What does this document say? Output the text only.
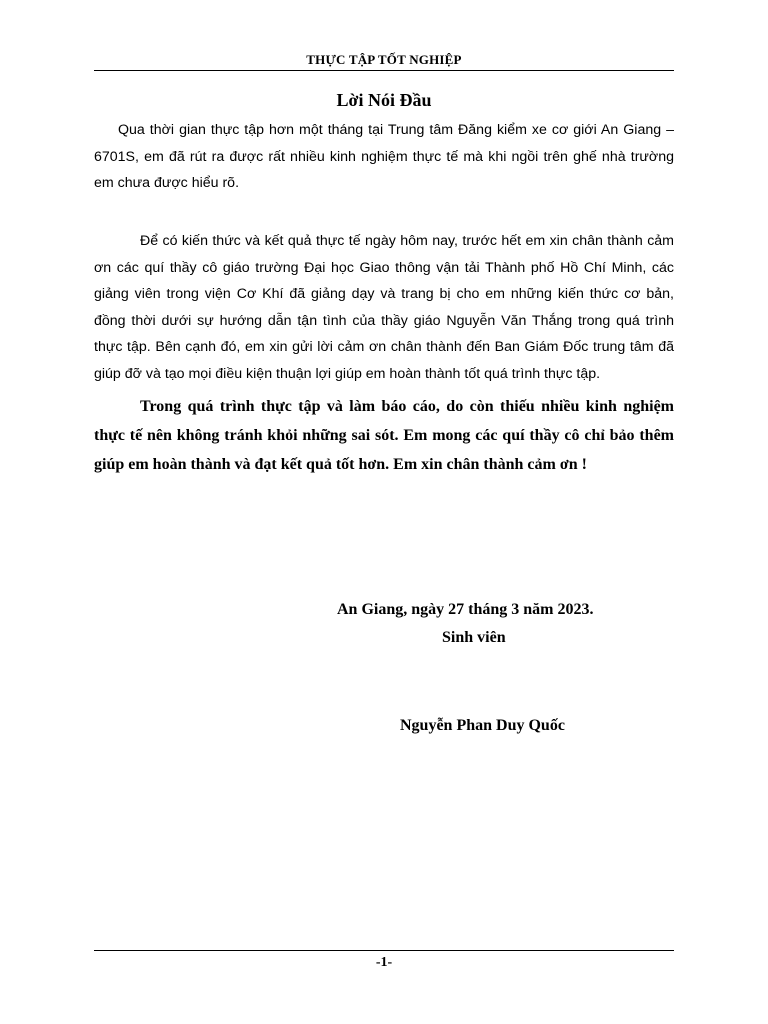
THỰC TẬP TỐT NGHIỆP
Lời Nói Đầu

Qua thời gian thực tập hơn một tháng tại Trung tâm Đăng kiểm xe cơ giới An Giang – 6701S, em đã rút ra được rất nhiều kinh nghiệm thực tế mà khi ngồi trên ghế nhà trường em chưa được hiểu rõ.

Để có kiến thức và kết quả thực tế ngày hôm nay, trước hết em xin chân thành cảm ơn các quí thầy cô giáo trường Đại học Giao thông vận tải Thành phố Hồ Chí Minh, các giảng viên trong viện Cơ Khí đã giảng dạy và trang bị cho em những kiến thức cơ bản, đồng thời dưới sự hướng dẫn tận tình của thầy giáo Nguyễn Văn Thắng trong quá trình thực tập. Bên cạnh đó, em xin gửi lời cảm ơn chân thành đến Ban Giám Đốc trung tâm đã giúp đỡ và tạo mọi điều kiện thuận lợi giúp em hoàn thành tốt quá trình thực tập.

Trong quá trình thực tập và làm báo cáo, do còn thiếu nhiều kinh nghiệm thực tế nên không tránh khỏi những sai sót. Em mong các quí thầy cô chỉ bảo thêm giúp em hoàn thành và đạt kết quả tốt hơn. Em xin chân thành cảm ơn !

An Giang, ngày 27 tháng 3 năm 2023.
Sinh viên
Nguyễn Phan Duy Quốc
-1-
